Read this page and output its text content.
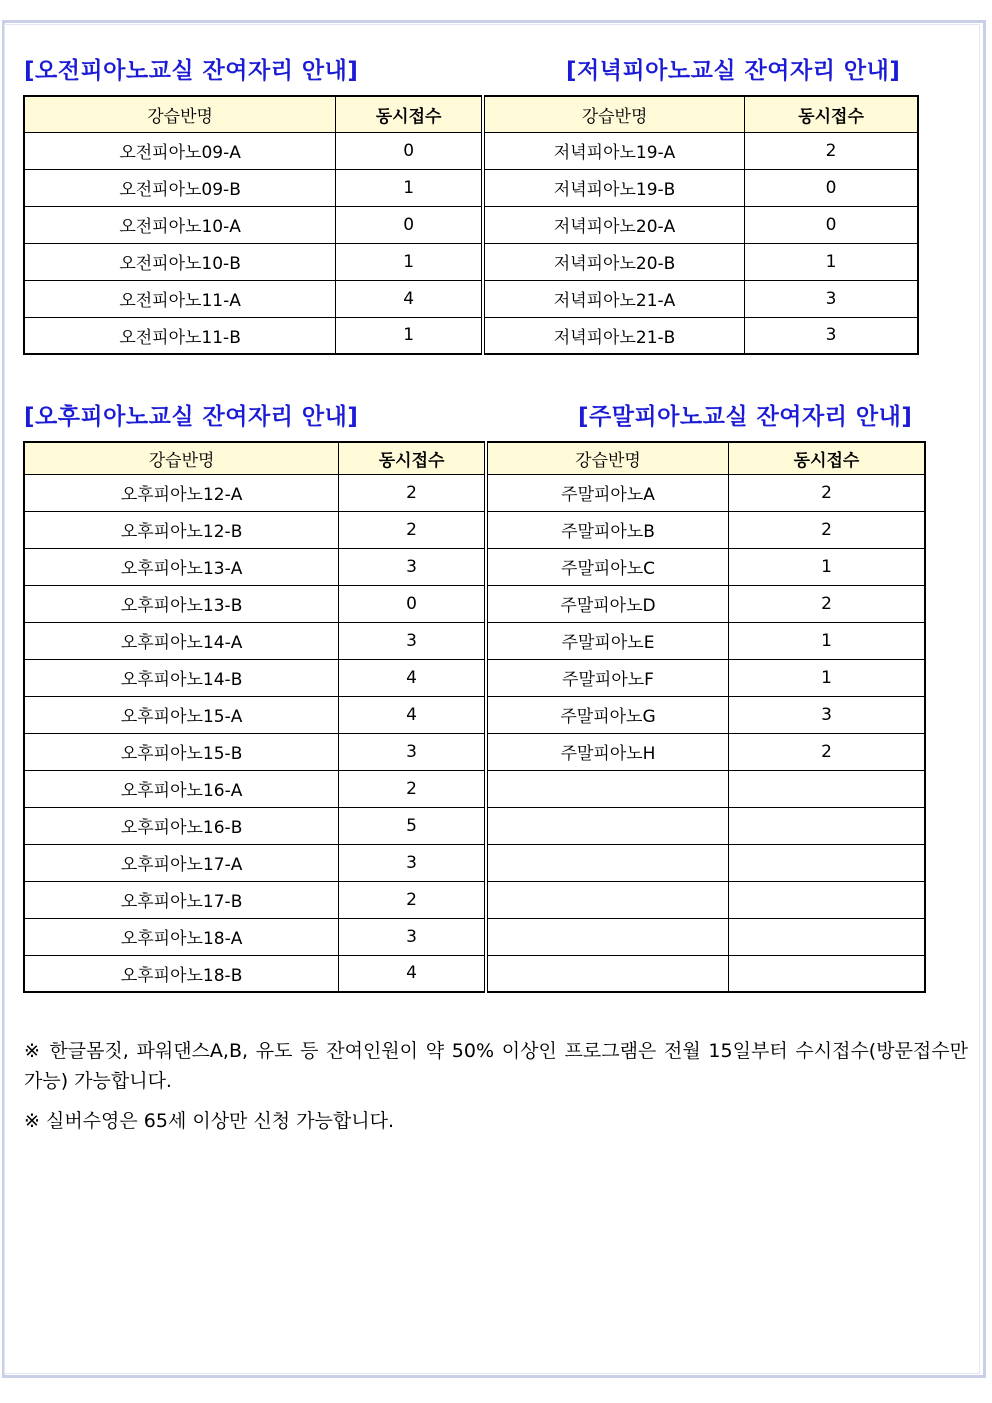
[오전피아노교실 잔여자리 안내]	[저녁피아노교실 잔여자리 안내]
강습반명	동시접수	강습반명	동시접수
오전피아노09-A	0	저녁피아노19-A	2
오전피아노09-B	1	저녁피아노19-B	0
오전피아노10-A	0	저녁피아노20-A	0
오전피아노10-B	1	저녁피아노20-B	1
오전피아노11-A	4	저녁피아노21-A	3
오전피아노11-B	1	저녁피아노21-B	3
[오후피아노교실 잔여자리 안내]	[주말피아노교실 잔여자리 안내]
강습반명	동시접수	강습반명	동시접수
오후피아노12-A	2	주말피아노A	2
오후피아노12-B	2	주말피아노B	2
오후피아노13-A	3	주말피아노C	1
오후피아노13-B	0	주말피아노D	2
오후피아노14-A	3	주말피아노E	1
오후피아노14-B	4	주말피아노F	1
오후피아노15-A	4	주말피아노G	3
오후피아노15-B	3	주말피아노H	2
오후피아노16-A	2		
오후피아노16-B	5		
오후피아노17-A	3		
오후피아노17-B	2		
오후피아노18-A	3		
오후피아노18-B	4		
※ 한글몸짓, 파워댄스A,B, 유도 등 잔여인원이 약 50% 이상인 프로그램은 전월 15일부터 수시접수(방문접수만 가능) 가능합니다.
※ 실버수영은 65세 이상만 신청 가능합니다.
